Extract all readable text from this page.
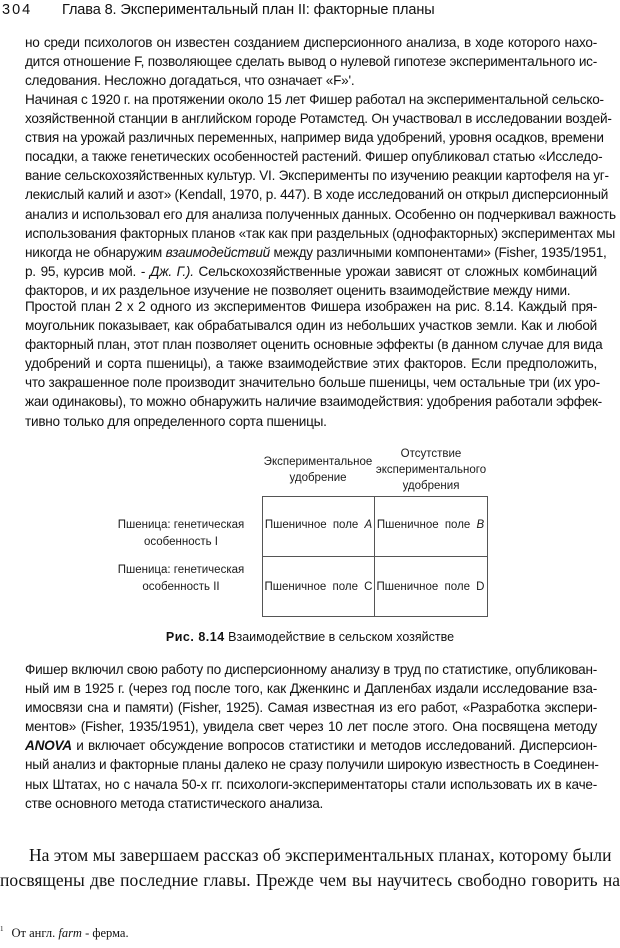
304 Глава 8. Экспериментальный план II: факторные планы
но среди психологов он известен созданием дисперсионного анализа, в ходе которого нахо-
дится отношение F, позволяющее сделать вывод о нулевой гипотезе экспериментального ис-
следования. Несложно догадаться, что означает «F»'.
Начиная с 1920 г. на протяжении около 15 лет Фишер работал на экспериментальной сельско-
хозяйственной станции в английском городе Ротамстед. Он участвовал в исследовании воздей-
ствия на урожай различных переменных, например вида удобрений, уровня осадков, времени
посадки, а также генетических особенностей растений. Фишер опубликовал статью «Исследо-
вание сельскохозяйственных культур. VI. Эксперименты по изучению реакции картофеля на уг-
лекислый калий и азот» (Kendall, 1970, p. 447). В ходе исследований он открыл дисперсионный
анализ и использовал его для анализа полученных данных. Особенно он подчеркивал важность
использования факторных планов «так как при раздельных (однофакторных) экспериментах мы
никогда не обнаружим взаимодействий между различными компонентами» (Fisher, 1935/1951,
p. 95, курсив мой. - Дж. Г.). Сельскохозяйственные урожаи зависят от сложных комбинаций
факторов, и их раздельное изучение не позволяет оценить взаимодействие между ними.
Простой план 2 x 2 одного из экспериментов Фишера изображен на рис. 8.14. Каждый пря-
моугольник показывает, как обрабатывался один из небольших участков земли. Как и любой
факторный план, этот план позволяет оценить основные эффекты (в данном случае для вида
удобрений и сорта пшеницы), а также взаимодействие этих факторов. Если предположить,
что закрашенное поле производит значительно больше пшеницы, чем остальные три (их уро-
жаи одинаковы), то можно обнаружить наличие взаимодействия: удобрения работали эффек-
тивно только для определенного сорта пшеницы.
Экспериментальное
удобрение
Отсутствие
экспериментального
удобрения
Пшеница: генетическая
особенность I
Пшеница: генетическая
особенность II
Пшеничное поле A Пшеничное поле B
Пшеничное поле C Пшеничное поле D
Рис. 8.14 Взаимодействие в сельском хозяйстве
Фишер включил свою работу по дисперсионному анализу в труд по статистике, опубликован-
ный им в 1925 г. (через год после того, как Дженкинс и Дапленбах издали исследование вза-
имосвязи сна и памяти) (Fisher, 1925). Самая известная из его работ, «Разработка экспери-
ментов» (Fisher, 1935/1951), увидела свет через 10 лет после этого. Она посвящена методу
ANOVA и включает обсуждение вопросов статистики и методов исследований. Дисперсион-
ный анализ и факторные планы далеко не сразу получили широкую известность в Соединен-
ных Штатах, но с начала 50-х гг. психологи-экспериментаторы стали использовать их в каче-
стве основного метода статистического анализа.
На этом мы завершаем рассказ об экспериментальных планах, которому были
посвящены две последние главы. Прежде чем вы научитесь свободно говорить на
$^1$ От англ. farm - ферма.
